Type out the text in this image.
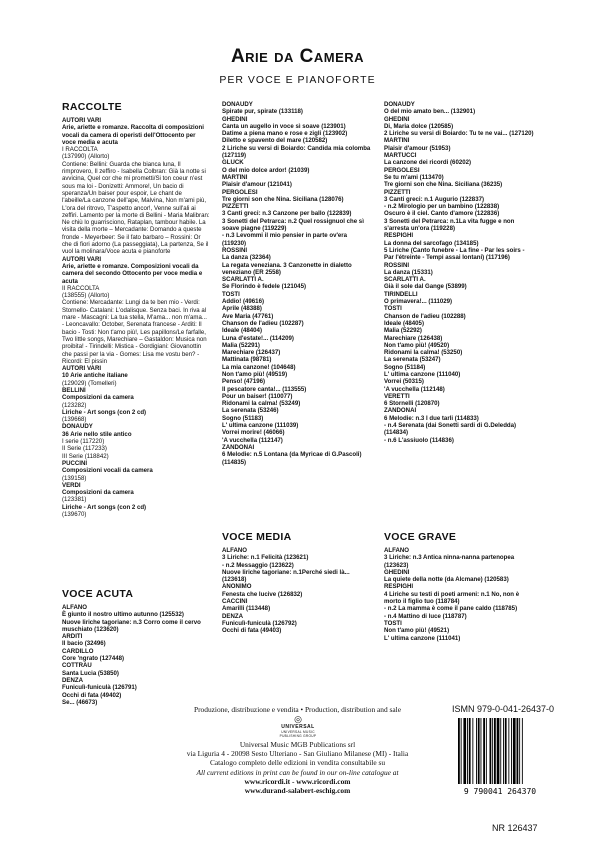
Arie da Camera
PER VOCE E PIANOFORTE
RACCOLTE
AUTORI VARI
Arie, ariette e romanze. Raccolta di composizioni vocali da camera di operisti dell'Ottocento per voce media e acuta
I RACCOLTA
(137990) (Allorto)
Contiene: Bellini: Guarda che bianca luna, Il rimprovero, Il zeffiro - Isabella Colbran: Già la notte si avvicina, Quel cor che mi prometti/Si ton coeur n'est sous ma loi - Donizetti: Ammore!, Un bacio di speranza/Un baiser pour espoir, Le chant de l'abeille/La canzone dell'ape, Malvina, Non m'ami più, L'ora del ritrovo, T'aspetto ancor!, Venne sull'ali ai zeffiri. Lamento per la morte di Bellini - Maria Malibran: Ne chiù lo guarrisciono, Rataplan, tambour habile. La visita della morte – Mercadante: Domando a queste fronde - Meyerbeer: Se il fato barbaro – Rossini: Or che di fiori adorno (La passeggiata), La partenza, Se il vuol la molinara/Voce acuta e pianoforte
AUTORI VARI
Arie, ariette e romanze. Composizioni vocali da camera del secondo Ottocento per voce media e acuta
II RACCOLTA
(138555) (Allorto)
Contiene: Mercadante: Lungi da te ben mio - Verdi: Stornello- Catalani: L'odalisque. Senza baci. In riva al mare - Mascagni: La tua stella, M'ama... non m'ama... - Leoncavallo: October, Serenata francese - Arditi: Il bacio - Tosti: Non t'amo più!, Les papillons/Le farfalle, Two little songs, Marechiare – Gastaldon: Musica non proibita! - Tirindelli: Mistica - Gordigiani: Giovanottin che passi per la via - Gomes: Lisa me vostu ben? - Ricordi: El pissin
AUTORI VARI
10 Arie antiche italiane
(129029) (Tomelleri)
BELLINI
Composizioni da camera
(123282)
Liriche - Art songs (con 2 cd)
(139668)
DONAUDY
36 Arie nello stile antico
I serie (117220)
II Serie (117233)
III Serie (118842)
PUCCINI
Composizioni vocali da camera
(139158)
VERDI
Composizioni da camera
(123381)
Liriche - Art songs (con 2 cd)
(139670)
DONAUDY
Spirate pur, spirate (133118)
GHEDINI
Canta un augello in voce sì soave (123901)
Datime a piena mano e rose e zigli (123902)
Diletto e spavento del mare (120582)
2 Liriche su versi di Boiardo: Candida mia colomba (127119)
GLUCK
O del mio dolce ardor! (21039)
MARTINI
Plaisir d'amour (121041)
PERGOLESI
Tre giorni son che Nina. Siciliana (128076)
PIZZETTI
3 Canti greci: n.3 Canzone per ballo (122839)
3 Sonetti del Petrarca: n.2 Quel rossignuol che sì soave piagne (119229)
- n.3 Levommi il mio pensier in parte ov'era (119230)
ROSSINI
La danza (32364)
La regata veneziana. 3 Canzonette in dialetto veneziano (ER 2558)
SCARLATTI A.
Se Florindo è fedele (121045)
TOSTI
Addio! (49616)
Aprile (48388)
Ave Maria (47761)
Chanson de l'adieu (102287)
Ideale (48404)
Luna d'estate!... (114209)
Malia (52291)
Marechiare (126437)
Mattinata (98781)
La mia canzone! (104648)
Non t'amo più! (49519)
Penso! (47196)
Il pescatore canta!... (113555)
Pour un baiser! (110077)
Ridonami la calma! (53249)
La serenata (53246)
Sogno (51183)
L' ultima canzone (111039)
Vorrei morire! (46066)
'A vucchella (112147)
ZANDONAI
6 Melodie: n.5 Lontana (da Myricae di G.Pascoli) (114835)
DONAUDY
O del mio amato ben... (132901)
GHEDINI
Di, Maria dolce (120585)
2 Liriche su versi di Boiardo: Tu te ne vai... (127120)
MARTINI
Plaisir d'amour (51953)
MARTUCCI
La canzone dei ricordi (60202)
PERGOLESI
Se tu m'ami (113470)
Tre giorni son che Nina. Siciliana (36235)
PIZZETTI
3 Canti greci: n.1 Augurio (122837)
- n.2 Mirologio per un bambino (122838)
Oscuro è il ciel. Canto d'amore (122836)
3 Sonetti del Petrarca: n.1La vita fugge e non s'arresta un'ora (119228)
RESPIGHI
La donna del sarcofago (134185)
5 Liriche (Canto funebre - La fine - Par les soirs - Par l'étreinte - Tempi assai lontani) (117196)
ROSSINI
La danza (15331)
SCARLATTI A.
Già il sole dal Gange (53899)
TIRINDELLI
O primavera!... (111029)
TOSTI
Chanson de l'adieu (102288)
Ideale (48405)
Malia (52292)
Marechiare (126438)
Non t'amo più! (49520)
Ridonami la calma! (53250)
La serenata (53247)
Sogno (51184)
L' ultima canzone (111040)
Vorrei (50315)
'A vucchella (112148)
VERETTI
6 Stornelli (120870)
ZANDONAI
6 Melodie: n.3 I due tarli (114833)
- n.4 Serenata (dai Sonetti sardi di G.Deledda) (114834)
- n.6 L'assiuolo (114836)
VOCE ACUTA
ALFANO
È giunto il nostro ultimo autunno (125532)
Nuove liriche tagoriane: n.3 Corro come il cervo muschiato (123620)
ARDITI
Il bacio (32496)
CARDILLO
Core 'ngrato (127448)
COTTRAU
Santa Lucia (53850)
DENZA
Funiculì-funiculà (126791)
Occhi di fata (49402)
Se... (46673)
VOCE MEDIA
ALFANO
3 Liriche: n.1 Felicità (123621)
- n.2 Messaggio (123622)
Nuove liriche tagoriane: n.1Perché siedi là... (123618)
ANONIMO
Fenesta che lucive (126832)
CACCINI
Amarilli (113448)
DENZA
Funiculì-funiculà (126792)
Occhi di fata (49403)
VOCE GRAVE
ALFANO
3 Liriche: n.3 Antica ninna-nanna partenopea (123623)
GHEDINI
La quiete della notte (da Alcmane) (120583)
RESPIGHI
4 Liriche su testi di poeti armeni: n.1 No, non è morto il figlio tuo (118784)
- n.2 La mamma è come il pane caldo (118785)
- n.4 Mattino di luce (118787)
TOSTI
Non t'amo più! (49521)
L' ultima canzone (111041)
Produzione, distribuzione e vendita • Production, distribution and sale
◎
UNIVERSAL
UNIVERSAL MUSIC PUBLISHING GROUP
Universal Music MGB Publications srl
via Liguria 4 - 20098 Sesto Ulteriano - San Giuliano Milanese (MI) - Italia
Catalogo completo delle edizioni in vendita consultabile su
All current editions in print can be found in our on-line catalogue at
www.ricordi.it - www.ricordi.com
www.durand-salabert-eschig.com
ISMN 979-0-041-26437-0
9 790041 264370
NR 126437
